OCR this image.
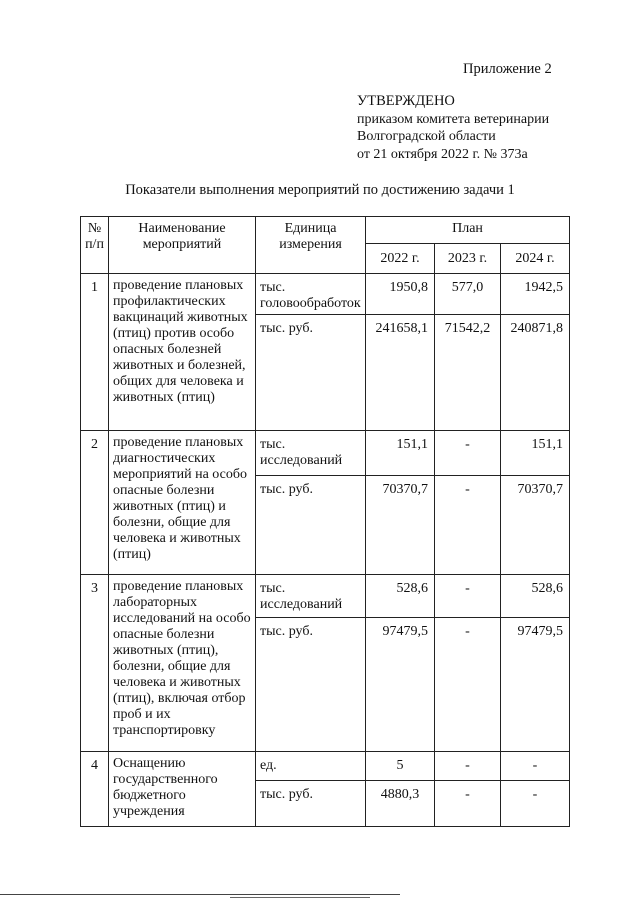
Приложение 2
УТВЕРЖДЕНО
приказом комитета ветеринарии
Волгоградской области
от 21 октября 2022 г. № 373а
Показатели выполнения мероприятий по достижению задачи 1
№ п/п	Наименование мероприятий	Единица измерения	План		
			2022 г.	2023 г.	2024 г.
1	проведение плановых профилактических вакцинаций животных (птиц) против особо опасных болезней животных и болезней, общих для человека и животных (птиц)	тыс. головообработок	1950,8	577,0	1942,5
		тыс. руб.	241658,1	71542,2	240871,8
2	проведение плановых диагностических мероприятий на особо опасные болезни животных (птиц) и болезни, общие для человека и животных (птиц)	тыс. исследований	151,1	-	151,1
		тыс. руб.	70370,7	-	70370,7
3	проведение плановых лабораторных исследований на особо опасные болезни животных (птиц), болезни, общие для человека и животных (птиц), включая отбор проб и их транспортировку	тыс. исследований	528,6	-	528,6
		тыс. руб.	97479,5	-	97479,5
4	Оснащению государственного бюджетного учреждения	ед.	5	-	-
		тыс. руб.	4880,3	-	-
